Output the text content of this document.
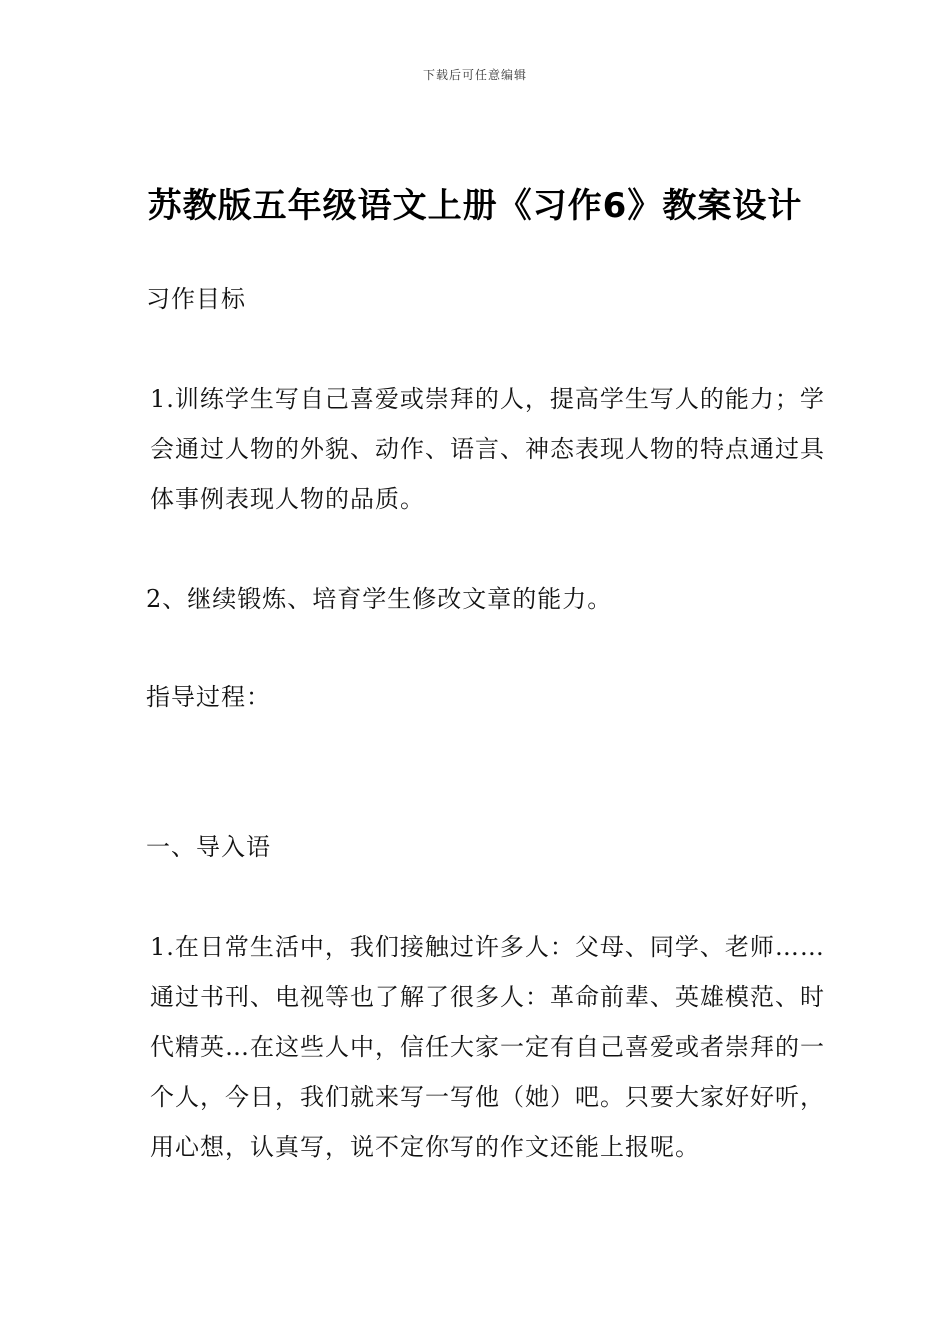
下载后可任意编辑
苏教版五年级语文上册《习作6》教案设计
习作目标
1.训练学生写自己喜爱或崇拜的人，提高学生写人的能力；学会通过人物的外貌、动作、语言、神态表现人物的特点通过具体事例表现人物的品质。
2、继续锻炼、培育学生修改文章的能力。
指导过程：
一、导入语
1.在日常生活中，我们接触过许多人：父母、同学、老师……通过书刊、电视等也了解了很多人：革命前辈、英雄模范、时代精英…在这些人中，信任大家一定有自己喜爱或者崇拜的一个人，今日，我们就来写一写他（她）吧。只要大家好好听，用心想，认真写，说不定你写的作文还能上报呢。
